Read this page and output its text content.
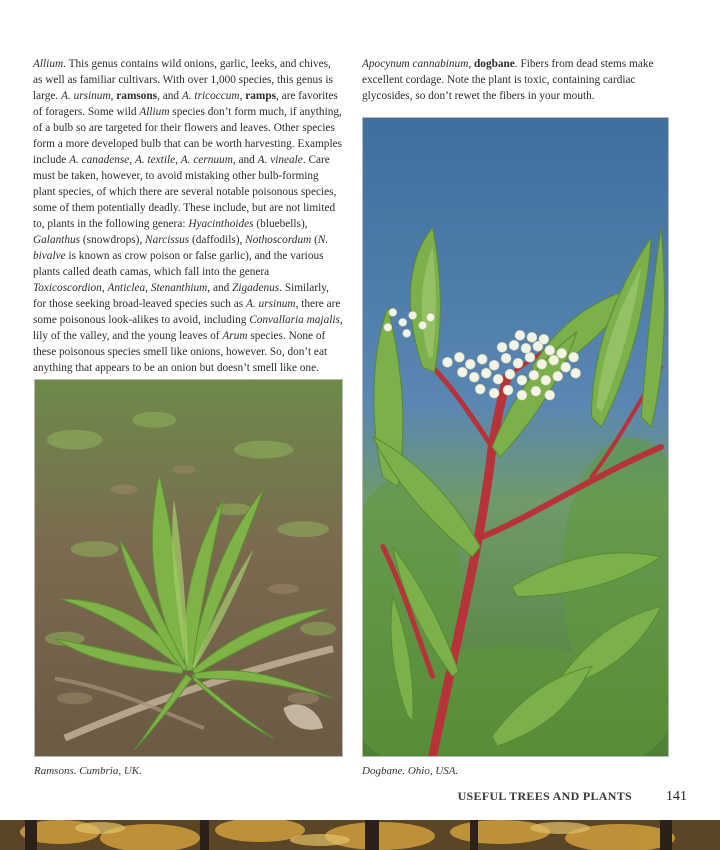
Allium. This genus contains wild onions, garlic, leeks, and chives, as well as familiar cultivars. With over 1,000 species, this genus is large. A. ursinum, ramsons, and A. tricoccum, ramps, are favorites of foragers. Some wild Allium species don’t form much, if anything, of a bulb so are targeted for their flowers and leaves. Other species form a more developed bulb that can be worth harvesting. Examples include A. canadense, A. textile, A. cernuum, and A. vineale. Care must be taken, however, to avoid mistaking other bulb-forming plant species, of which there are several notable poisonous species, some of them potentially deadly. These include, but are not limited to, plants in the following genera: Hyacinthoides (bluebells), Galanthus (snowdrops), Narcissus (daffodils), Nothoscordum (N. bivalve is known as crow poison or false garlic), and the various plants called death camas, which fall into the genera Toxicoscordion, Anticlea, Stenanthium, and Zigadenus. Similarly, for those seeking broad-leaved species such as A. ursinum, there are some poisonous look-alikes to avoid, including Convallaria majalis, lily of the valley, and the young leaves of Arum species. None of these poisonous species smell like onions, however. So, don’t eat anything that appears to be an onion but doesn’t smell like one.

Apocynum cannabinum, dogbane. Fibers from dead stems make excellent cordage. Note the plant is toxic, containing cardiac glycosides, so don’t rewet the fibers in your mouth.

Ramsons. Cumbria, UK.	Dogbane. Ohio, USA.
USEFUL TREES AND PLANTS 141
